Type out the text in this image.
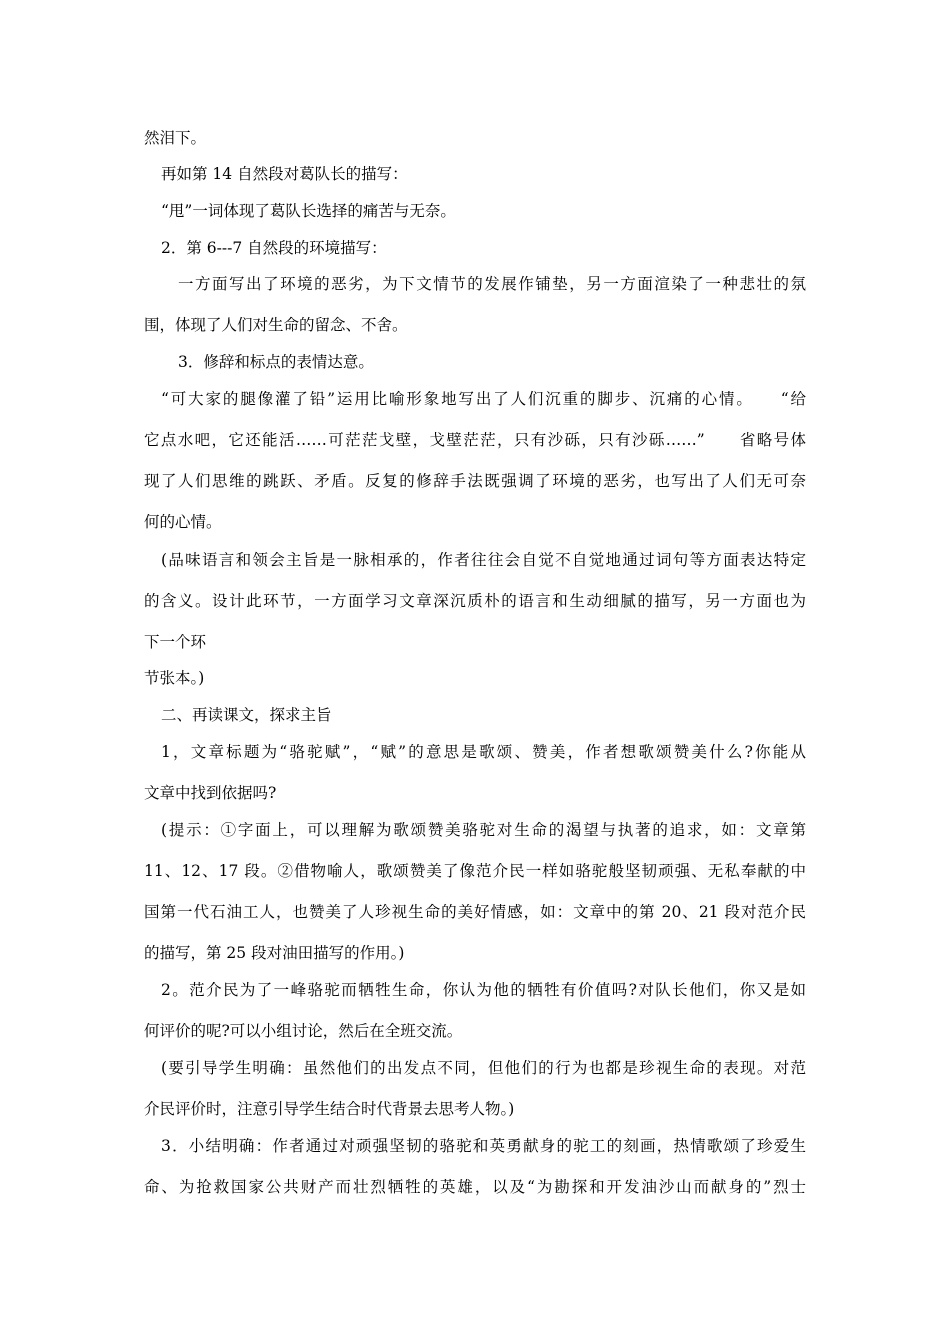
然泪下。
再如第 14 自然段对葛队长的描写：
“甩”一词体现了葛队长选择的痛苦与无奈。
2．第 6---7 自然段的环境描写：
一方面写出了环境的恶劣，为下文情节的发展作铺垫，另一方面渲染了一种悲壮的氛
围，体现了人们对生命的留念、不舍。
3．修辞和标点的表情达意。
“可大家的腿像灌了铅”运用比喻形象地写出了人们沉重的脚步、沉痛的心情。　　“给
它点水吧，它还能活……可茫茫戈壁，戈壁茫茫，只有沙砾，只有沙砾……”　　省略号体
现了人们思维的跳跃、矛盾。反复的修辞手法既强调了环境的恶劣，也写出了人们无可奈
何的心情。
(品味语言和领会主旨是一脉相承的，作者往往会自觉不自觉地通过词句等方面表达特定
的含义。设计此环节，一方面学习文章深沉质朴的语言和生动细腻的描写，另一方面也为
下一个环
节张本。)
二、再读课文，探求主旨
1，文章标题为“骆驼赋”，“赋”的意思是歌颂、赞美，作者想歌颂赞美什么?你能从
文章中找到依据吗?
(提示：①字面上，可以理解为歌颂赞美骆驼对生命的渴望与执著的追求，如：文章第
11、12、17 段。②借物喻人，歌颂赞美了像范介民一样如骆驼般坚韧顽强、无私奉献的中
国第一代石油工人，也赞美了人珍视生命的美好情感，如：文章中的第 20、21 段对范介民
的描写，第 25 段对油田描写的作用。)
2。范介民为了一峰骆驼而牺牲生命，你认为他的牺牲有价值吗?对队长他们，你又是如
何评价的呢?可以小组讨论，然后在全班交流。
(要引导学生明确：虽然他们的出发点不同，但他们的行为也都是珍视生命的表现。对范
介民评价时，注意引导学生结合时代背景去思考人物。)
3．小结明确：作者通过对顽强坚韧的骆驼和英勇献身的驼工的刻画，热情歌颂了珍爱生
命、为抢救国家公共财产而壮烈牺牲的英雄，以及“为勘探和开发油沙山而献身的”烈士
